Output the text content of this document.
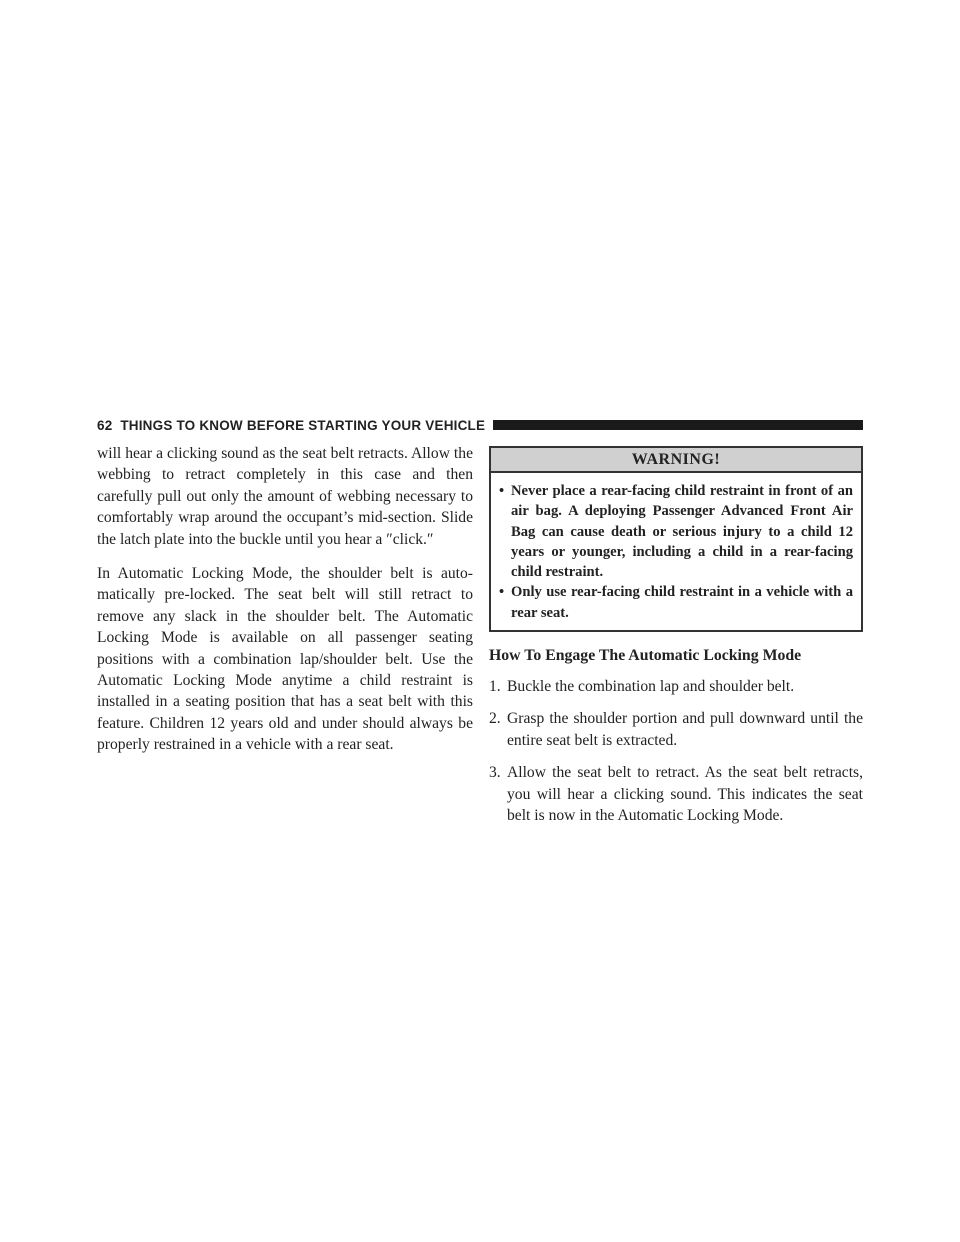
62 THINGS TO KNOW BEFORE STARTING YOUR VEHICLE

will hear a clicking sound as the seat belt retracts. Allow the webbing to retract completely in this case and then carefully pull out only the amount of webbing necessary to comfortably wrap around the occupant’s mid-section. Slide the latch plate into the buckle until you hear a ″click.″

In Automatic Locking Mode, the shoulder belt is auto-matically pre-locked. The seat belt will still retract to remove any slack in the shoulder belt. The Automatic Locking Mode is available on all passenger seating positions with a combination lap/shoulder belt. Use the Automatic Locking Mode anytime a child restraint is installed in a seating position that has a seat belt with this feature. Children 12 years old and under should always be properly restrained in a vehicle with a rear seat.

WARNING!
• Never place a rear-facing child restraint in front of an air bag. A deploying Passenger Advanced Front Air Bag can cause death or serious injury to a child 12 years or younger, including a child in a rear-facing child restraint.
• Only use rear-facing child restraint in a vehicle with a rear seat.
How To Engage The Automatic Locking Mode
1. Buckle the combination lap and shoulder belt.
2. Grasp the shoulder portion and pull downward until the entire seat belt is extracted.
3. Allow the seat belt to retract. As the seat belt retracts, you will hear a clicking sound. This indicates the seat belt is now in the Automatic Locking Mode.
